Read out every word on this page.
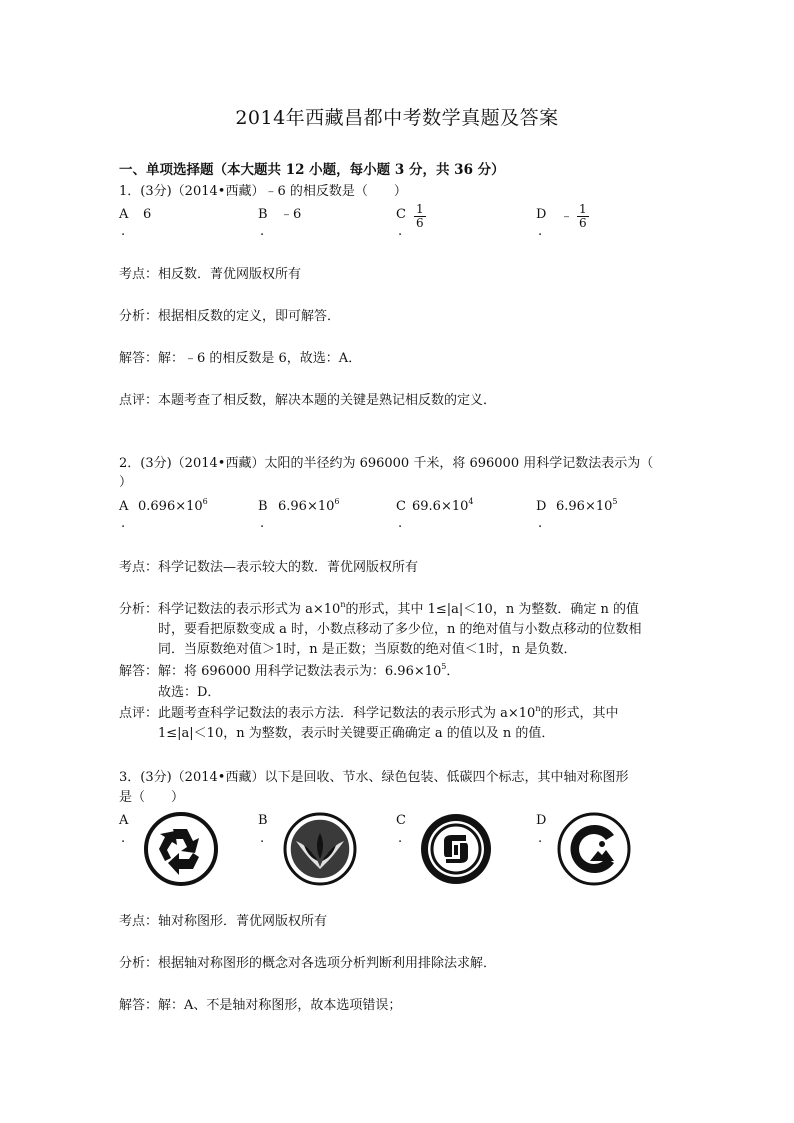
2014年西藏昌都中考数学真题及答案
一、单项选择题（本大题共 12 小题，每小题 3 分，共 36 分）
1．(3分)（2014•西藏）﹣6 的相反数是（　　）
A 6
.
B ﹣6
.
C $\frac{1}{6}$
.
D ﹣ $\frac{1}{6}$
.
考点：相反数．菁优网版权所有
分析：根据相反数的定义，即可解答．
解答：解：﹣6 的相反数是 6，故选：A．
点评：本题考查了相反数，解决本题的关键是熟记相反数的定义．
2．(3分)（2014•西藏）太阳的半径约为 696000 千米，将 696000 用科学记数法表示为（
）
A $0.696\times 10^6$
.
B $6.96\times 10^6$
.
C $69.6\times 10^4$
.
D $6.96\times 10^5$
.
考点：科学记数法—表示较大的数．菁优网版权所有
分析：科学记数法的表示形式为 $a\times 10^n$的形式，其中 1≤|a|＜10，n 为整数．确定 n 的值
时，要看把原数变成 a 时，小数点移动了多少位，n 的绝对值与小数点移动的位数相
同．当原数绝对值＞1时，n 是正数；当原数的绝对值＜1时，n 是负数．
解答：解：将 696000 用科学记数法表示为：$6.96\times 10^5$．
故选：D．
点评：此题考查科学记数法的表示方法．科学记数法的表示形式为 $a\times 10^n$的形式，其中
1≤|a|＜10，n 为整数，表示时关键要正确确定 a 的值以及 n 的值．
3．(3分)（2014•西藏）以下是回收、节水、绿色包装、低碳四个标志，其中轴对称图形
是（　　）
A
.
B
.
C
.
D
.
考点：轴对称图形．菁优网版权所有
分析：根据轴对称图形的概念对各选项分析判断利用排除法求解．
解答：解：A、不是轴对称图形，故本选项错误；
